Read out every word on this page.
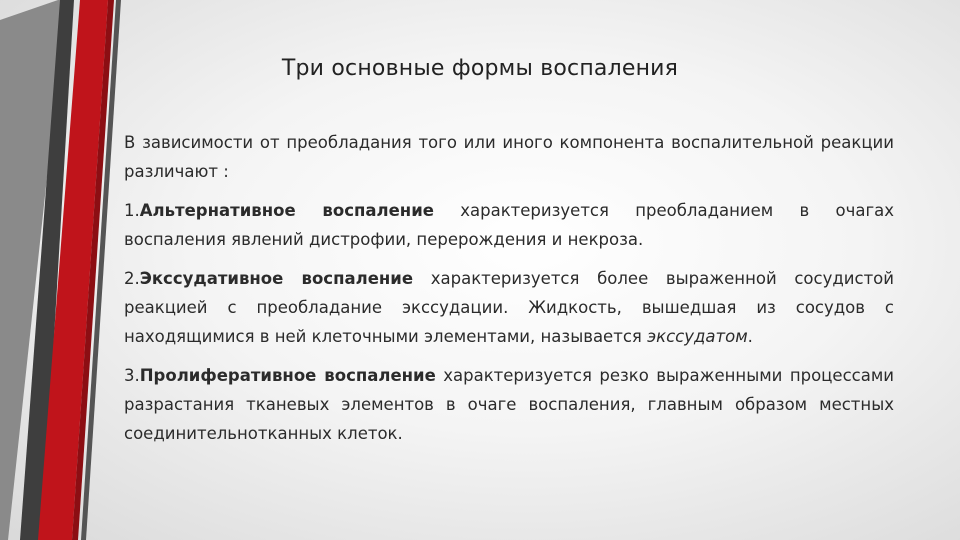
Три основные формы воспаления

В зависимости от преобладания того или иного компонента воспалительной реакции различают :

1.Альтернативное воспаление характеризуется преобладанием в очагах воспаления явлений дистрофии, перерождения и некроза.

2.Экссудативное воспаление характеризуется более выраженной сосудистой реакцией с преобладание экссудации. Жидкость, вышедшая из сосудов с находящимися в ней клеточными элементами, называется экссудатом.

3.Пролиферативное воспаление характеризуется резко выраженными процессами разрастания тканевых элементов в очаге воспаления, главным образом местных соединительнотканных клеток.
